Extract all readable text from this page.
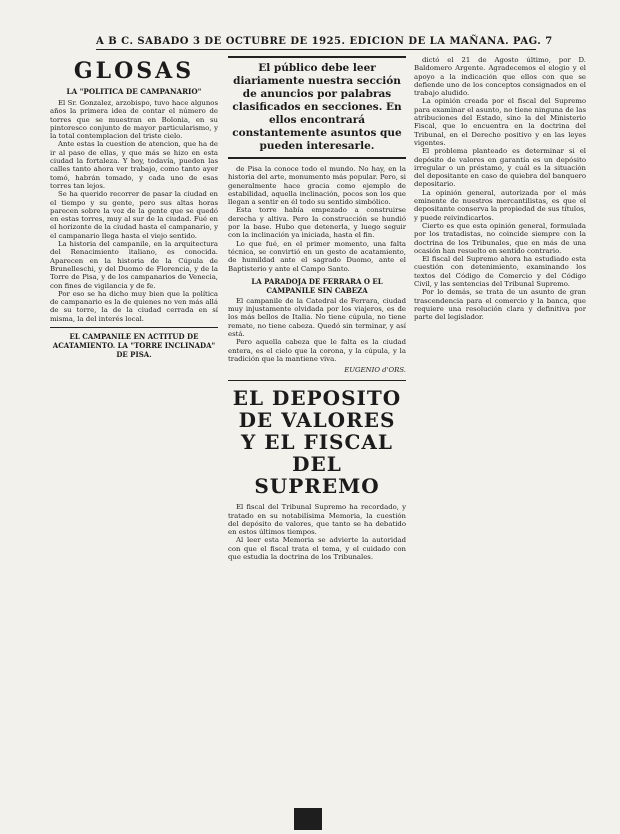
A B C. SABADO 3 DE OCTUBRE DE 1925. EDICION DE LA MAÑANA. PAG. 7
GLOSAS
LA "POLITICA DE CAMPANARIO"

El Sr. Gonzalez, arzobispo, tuvo hace algunos años la primera idea de contar el número de torres que se muestran en Bolonia, en su pintoresco conjunto de mayor particularismo, y la total contemplacion del triste cielo.

Ante estas la cuestion de atencion, que ha de ir al paso de ellas, y que más se hizo en esta ciudad la fortaleza. Y hoy, todavía, pueden las calles tanto ahora ver trabajo, como tanto ayer tomó, habrán tomado, y cada uno de esas torres tan lejos.

Se ha querido recorrer de pasar la ciudad en el tiempo y su gente, pero sus altas horas parecen sobre la voz de la gente que se quedó en estas torres, muy al sur de la ciudad. Fué en el horizonte de la ciudad hasta el campanario, y el campanario llega hasta el viejo sentido.

La historia del campanile, en la arquitectura del Renacimiento italiano, es conocida. Aparecen en la historia de la Cúpula de Brunelleschi, y del Duomo de Florencia, y de la Torre de Pisa, y de los campanarios de Venecia, con fines de vigilancia y de fe.

Por eso se ha dicho muy bien que la política de campanario es la de quienes no ven más allá de su torre, la de la ciudad cerrada en sí misma, la del interés local.

EL CAMPANILE EN ACTITUD DE ACATAMIENTO. LA "TORRE INCLINADA" DE PISA.
El público debe leer diariamente nuestra sección de anuncios por palabras clasificados en secciones. En ellos encontrará constantemente asuntos que pueden interesarle.

de Pisa la conoce todo el mundo. No hay, en la historia del arte, monumento más popular. Pero, si generalmente hace gracia como ejemplo de estabilidad, aquella inclinación, pocos son los que llegan a sentir en él todo su sentido simbólico.

Esta torre había empezado a construirse derecha y altiva. Pero la construcción se hundió por la base. Hubo que detenerla, y luego seguir con la inclinación ya iniciada, hasta el fin.

Lo que fué, en el primer momento, una falta técnica, se convirtió en un gesto de acatamiento, de humildad ante el sagrado Duomo, ante el Baptisterio y ante el Campo Santo.

LA PARADOJA DE FERRARA O EL CAMPANILE SIN CABEZA

El campanile de la Catedral de Ferrara, ciudad muy injustamente olvidada por los viajeros, es de los más bellos de Italia. No tiene cúpula, no tiene remate, no tiene cabeza. Quedó sin terminar, y así está.

Pero aquella cabeza que le falta es la ciudad entera, es el cielo que la corona, y la cúpula, y la tradición que la mantiene viva.

EUGENIO d'ORS.
EL DEPOSITO DE VALORES Y EL FISCAL DEL SUPREMO

El fiscal del Tribunal Supremo ha recordado, y tratado en su notabilísima Memoria, la cuestión del depósito de valores, que tanto se ha debatido en estos últimos tiempos.

Al leer esta Memoria se advierte la autoridad con que el fiscal trata el tema, y el cuidado con que estudia la doctrina de los Tribunales.

dictó el 21 de Agosto último, por D. Baldomero Argente. Agradecemos el elogio y el apoyo a la indicación que ellos con que se defiende uno de los conceptos consignados en el trabajo aludido.

La opinión creada por el fiscal del Supremo para examinar el asunto, no tiene ninguna de las atribuciones del Estado, sino la del Ministerio Fiscal, que lo encuentra en la doctrina del Tribunal, en el Derecho positivo y en las leyes vigentes.

El problema planteado es determinar si el depósito de valores en garantía es un depósito irregular o un préstamo, y cuál es la situación del depositante en caso de quiebra del banquero depositario.

La opinión general, autorizada por el más eminente de nuestros mercantilistas, es que el depositante conserva la propiedad de sus títulos, y puede reivindicarlos.

Cierto es que esta opinión general, formulada por los tratadistas, no coincide siempre con la doctrina de los Tribunales, que en más de una ocasión han resuelto en sentido contrario.

El fiscal del Supremo ahora ha estudiado esta cuestión con detenimiento, examinando los textos del Código de Comercio y del Código Civil, y las sentencias del Tribunal Supremo.

Por lo demás, se trata de un asunto de gran trascendencia para el comercio y la banca, que requiere una resolución clara y definitiva por parte del legislador.
